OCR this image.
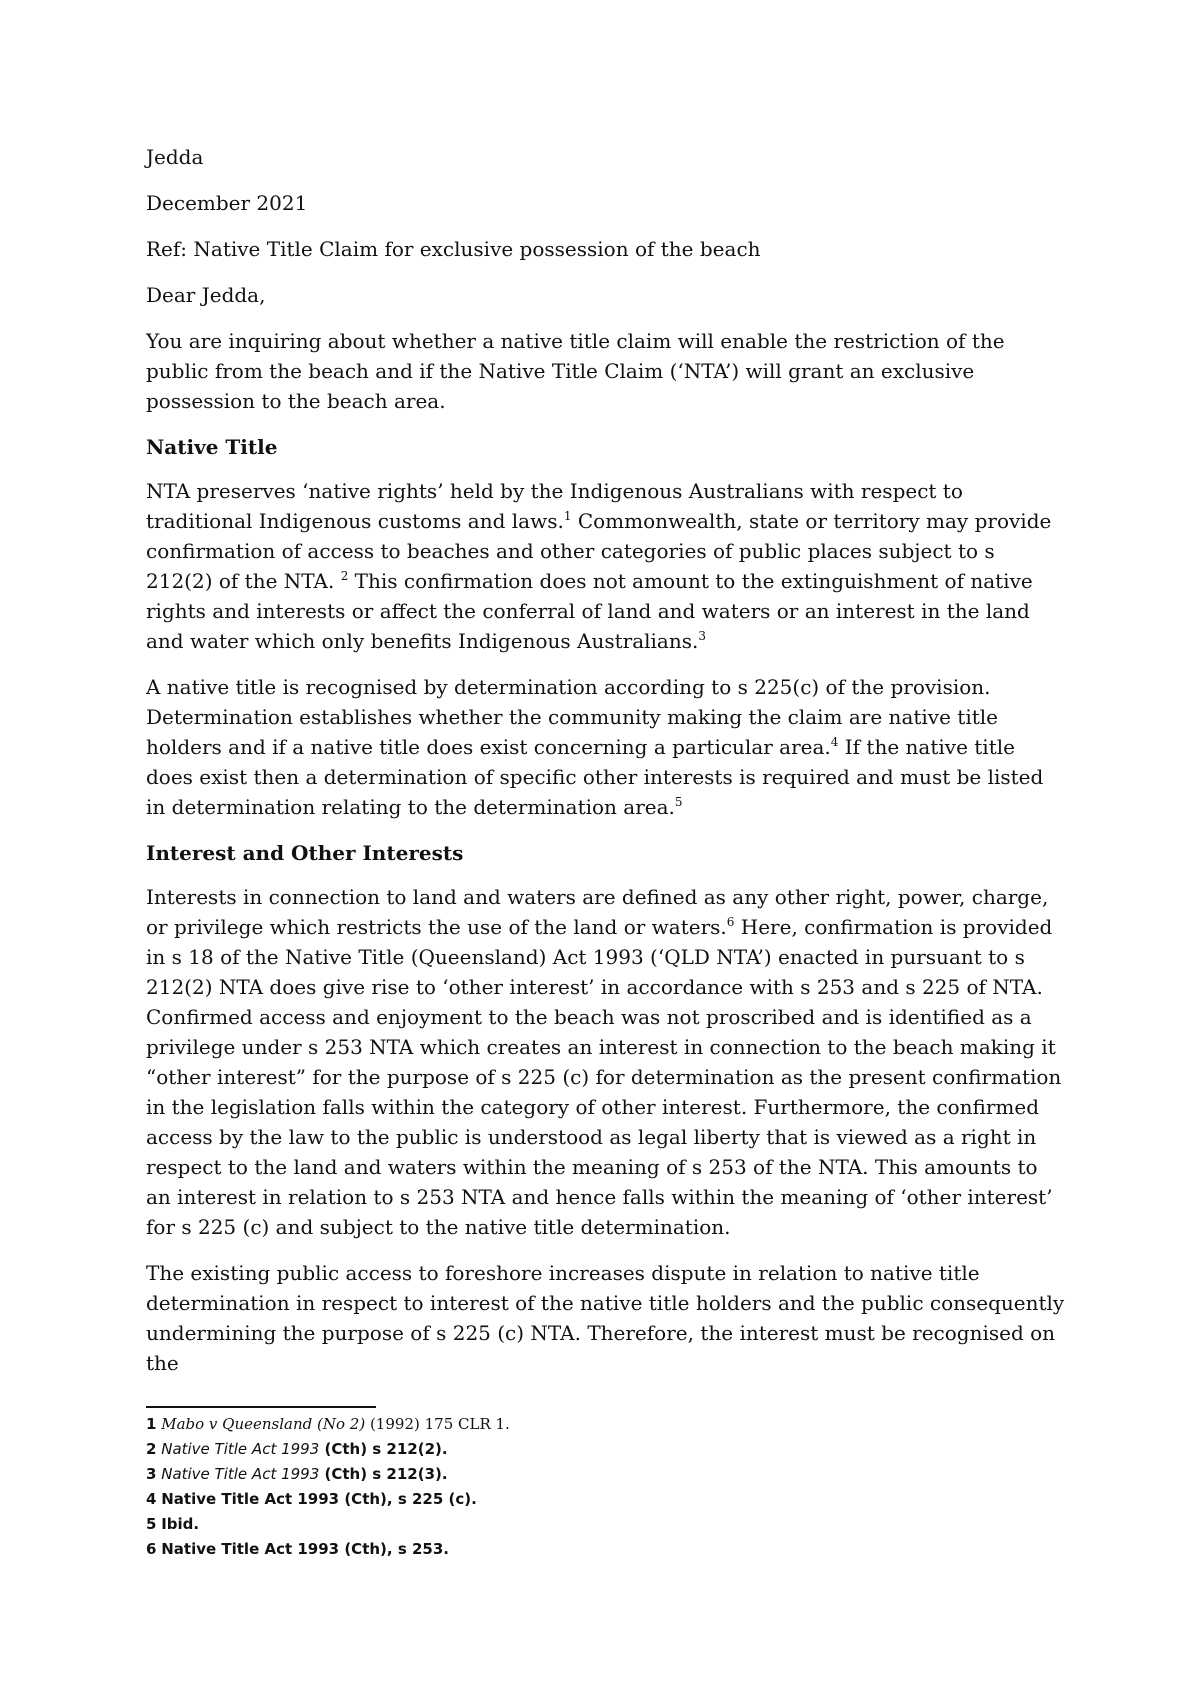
Jedda

December 2021

Ref: Native Title Claim for exclusive possession of the beach

Dear Jedda,

You are inquiring about whether a native title claim will enable the restriction of the public from the beach and if the Native Title Claim (‘NTA’) will grant an exclusive possession to the beach area.

Native Title

NTA preserves ‘native rights’ held by the Indigenous Australians with respect to traditional Indigenous customs and laws.$^1$ Commonwealth, state or territory may provide confirmation of access to beaches and other categories of public places subject to s 212(2) of the NTA. $^2$ This confirmation does not amount to the extinguishment of native rights and interests or affect the conferral of land and waters or an interest in the land and water which only benefits Indigenous Australians.$^3$

A native title is recognised by determination according to s 225(c) of the provision. Determination establishes whether the community making the claim are native title holders and if a native title does exist concerning a particular area.$^4$ If the native title does exist then a determination of specific other interests is required and must be listed in determination relating to the determination area.$^5$

Interest and Other Interests

Interests in connection to land and waters are defined as any other right, power, charge, or privilege which restricts the use of the land or waters.$^6$ Here, confirmation is provided in s 18 of the Native Title (Queensland) Act 1993 (‘QLD NTA’) enacted in pursuant to s 212(2) NTA does give rise to ‘other interest’ in accordance with s 253 and s 225 of NTA. Confirmed access and enjoyment to the beach was not proscribed and is identified as a privilege under s 253 NTA which creates an interest in connection to the beach making it “other interest” for the purpose of s 225 (c) for determination as the present confirmation in the legislation falls within the category of other interest. Furthermore, the confirmed access by the law to the public is understood as legal liberty that is viewed as a right in respect to the land and waters within the meaning of s 253 of the NTA. This amounts to an interest in relation to s 253 NTA and hence falls within the meaning of ‘other interest’ for s 225 (c) and subject to the native title determination.

The existing public access to foreshore increases dispute in relation to native title determination in respect to interest of the native title holders and the public consequently undermining the purpose of s 225 (c) NTA. Therefore, the interest must be recognised on the

1 Mabo v Queensland (No 2) (1992) 175 CLR 1.
2 Native Title Act 1993 (Cth) s 212(2).
3 Native Title Act 1993 (Cth) s 212(3).
4 Native Title Act 1993 (Cth), s 225 (c).
5 Ibid.
6 Native Title Act 1993 (Cth), s 253.
